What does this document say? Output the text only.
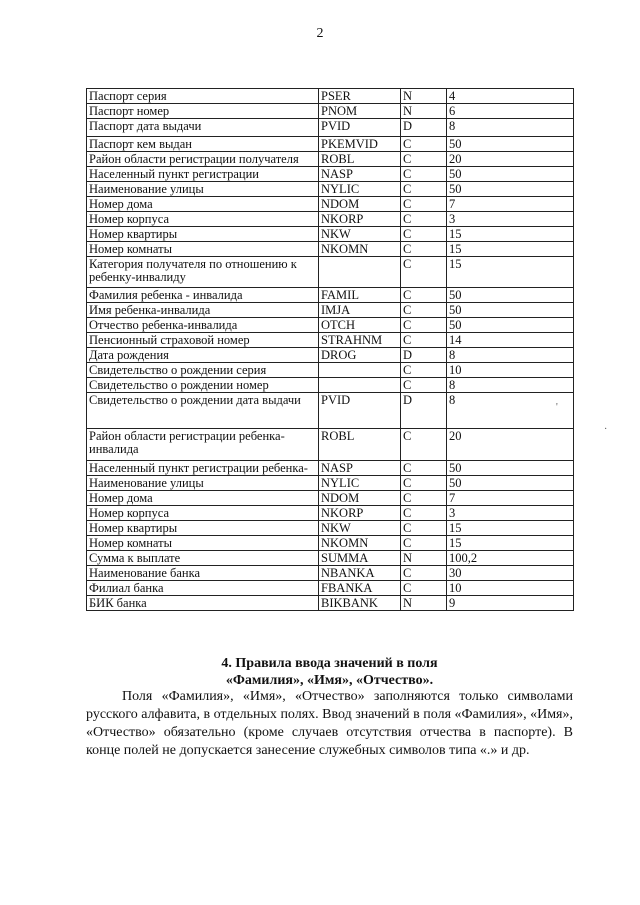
2
Паспорт серия	PSER	N	4
Паспорт номер	PNOM	N	6
Паспорт дата выдачи	PVID	D	8
Паспорт кем выдан	PKEMVID	C	50
Район области регистрации получателя	ROBL	C	20
Населенный пункт регистрации	NASP	C	50
Наименование улицы	NYLIC	C	50
Номер дома	NDOM	C	7
Номер корпуса	NKORP	C	3
Номер квартиры	NKW	C	15
Номер комнаты	NKOMN	C	15
Категория получателя по отношению к ребенку-инвалиду		C	15
Фамилия ребенка - инвалида	FAMIL	C	50
Имя ребенка-инвалида	IMJA	C	50
Отчество ребенка-инвалида	OTCH	C	50
Пенсионный страховой номер	STRAHNM	C	14
Дата рождения	DROG	D	8
Свидетельство о рождении серия		C	10
Свидетельство о рождении номер		C	8
Свидетельство о рождении дата выдачи	PVID	D	8
Район области регистрации ребенка-инвалида	ROBL	C	20
Населенный пункт регистрации ребенка-	NASP	C	50
Наименование улицы	NYLIC	C	50
Номер дома	NDOM	C	7
Номер корпуса	NKORP	C	3
Номер квартиры	NKW	C	15
Номер комнаты	NKOMN	C	15
Сумма к выплате	SUMMA	N	100,2
Наименование банка	NBANKA	C	30
Филиал банка	FBANKA	C	10
БИК банка	BIKBANK	N	9
4. Правила ввода значений в поля
«Фамилия», «Имя», «Отчество».
Поля «Фамилия», «Имя», «Отчество» заполняются только символами русского алфавита, в отдельных полях. Ввод значений в поля «Фамилия», «Имя», «Отчество» обязательно (кроме случаев отсутствия отчества в паспорте). В конце полей не допускается занесение служебных символов типа «.» и др.
'
·
